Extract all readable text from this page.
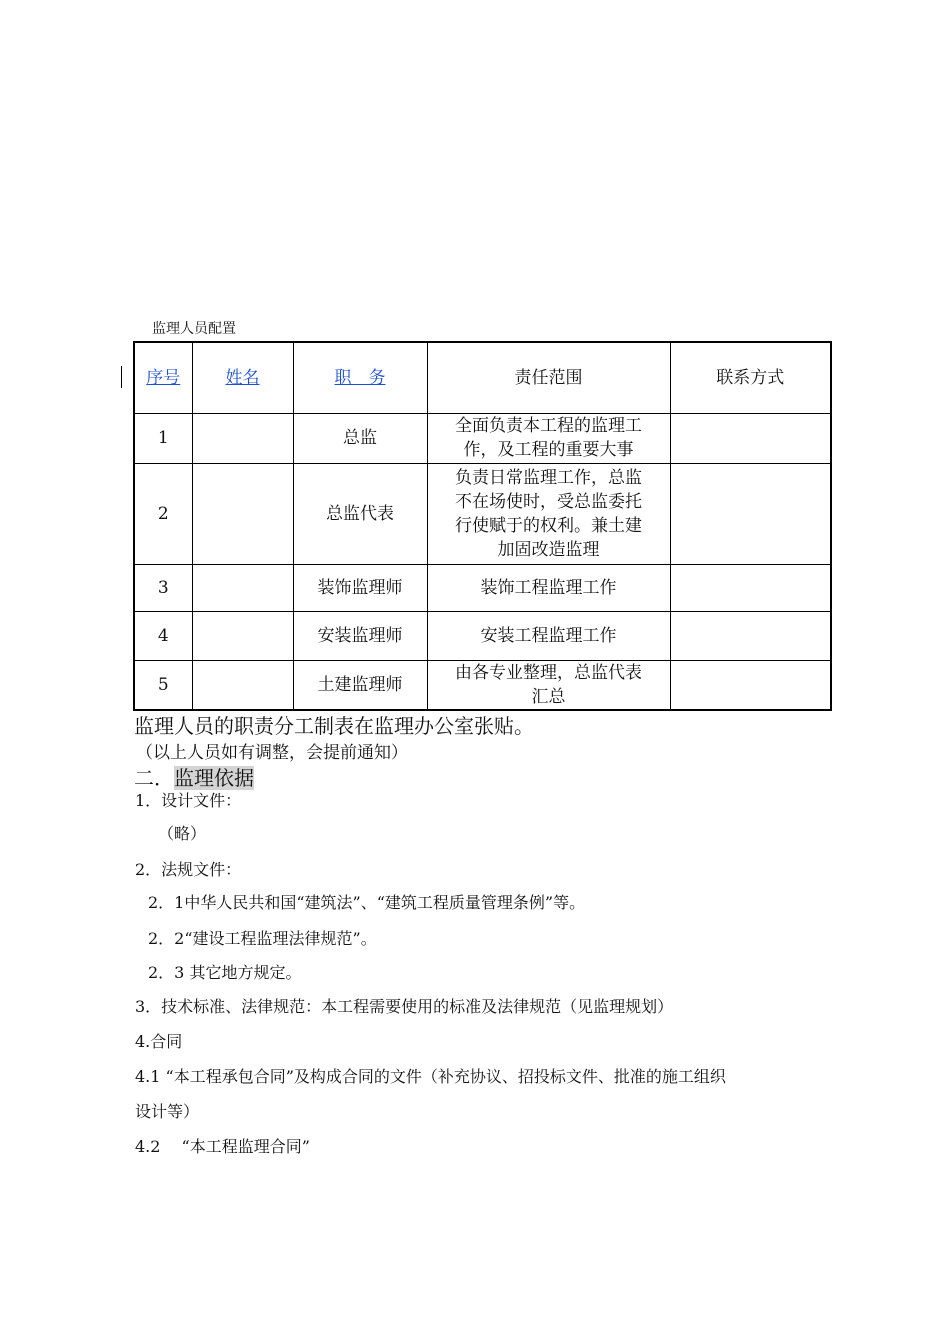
监理人员配置
序号	姓名	职　务	责任范围	联系方式
1		总监	全面负责本工程的监理工
作，及工程的重要大事	

2		总监代表	负责日常监理工作，总监
不在场使时，受总监委托
行使赋于的权利。兼土建
加固改造监理	

3		装饰监理师	装饰工程监理工作	

4		安装监理师	安装工程监理工作	

5		土建监理师	由各专业整理，总监代表
汇总	

监理人员的职责分工制表在监理办公室张贴。
（以上人员如有调整，会提前通知）
二．监理依据
1．设计文件：
（略）
2．法规文件：
2．1中华人民共和国“建筑法”、“建筑工程质量管理条例”等。
2．2“建设工程监理法律规范”。
2．3 其它地方规定。
3．技术标准、法律规范：本工程需要使用的标准及法律规范（见监理规划）
4.合同
4.1 “本工程承包合同”及构成合同的文件（补充协议、招投标文件、批准的施工组织
设计等）
4.2　 “本工程监理合同”
